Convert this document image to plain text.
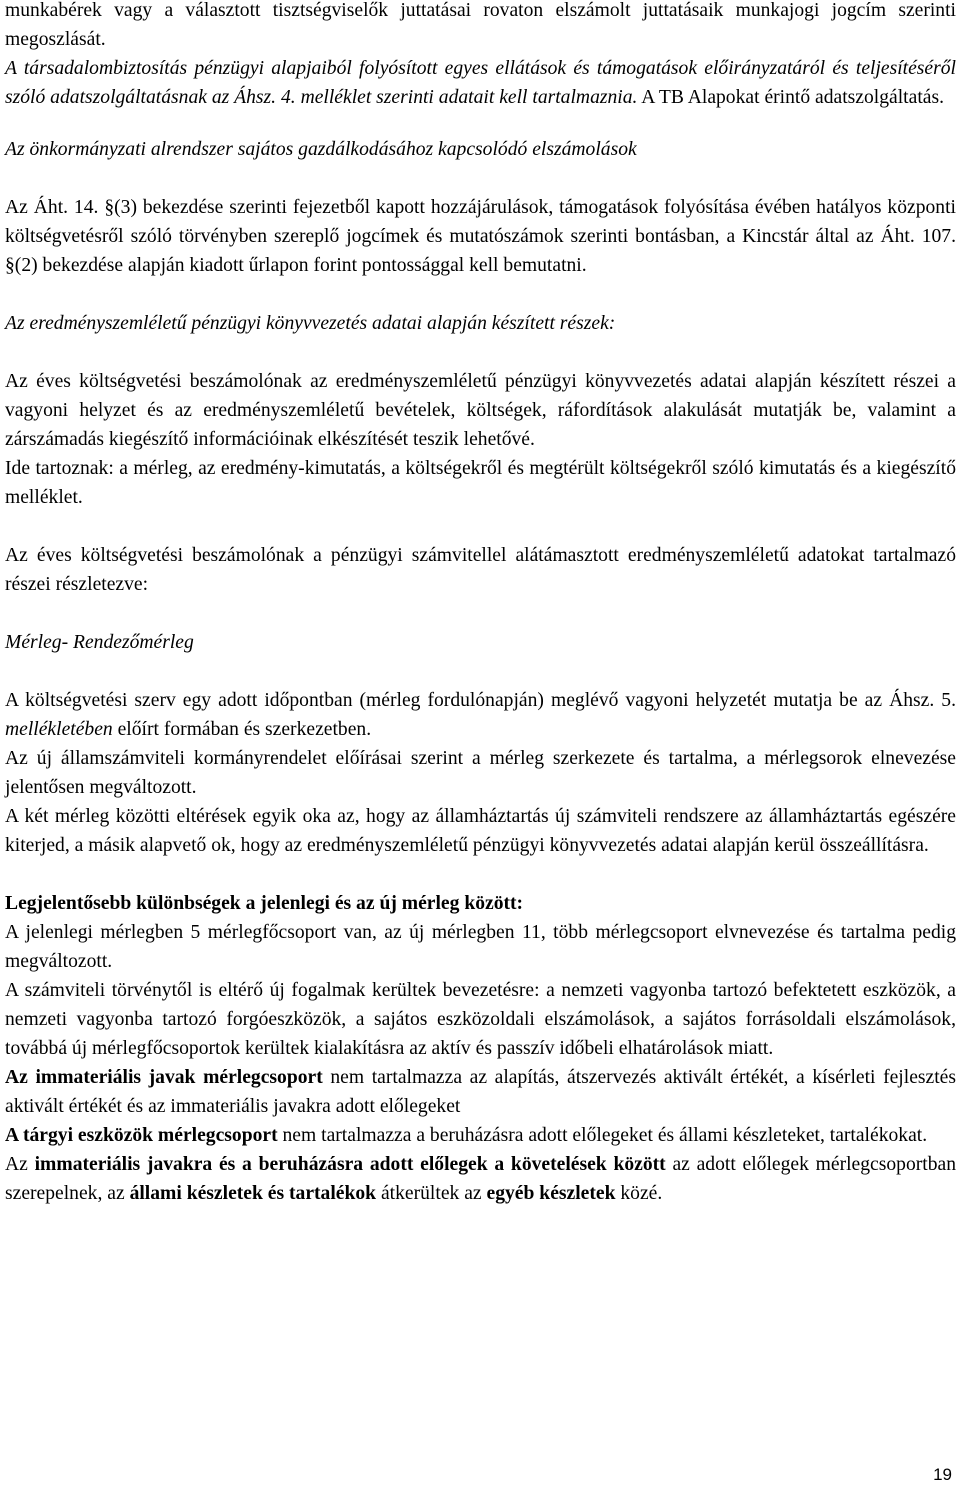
munkabérek vagy a választott tisztségviselők juttatásai rovaton elszámolt juttatásaik munkajogi jogcím szerinti megoszlását.

A társadalombiztosítás pénzügyi alapjaiból folyósított egyes ellátások és támogatások előirányzatáról és teljesítéséről szóló adatszolgáltatásnak az Áhsz. 4. melléklet szerinti adatait kell tartalmaznia. A TB Alapokat érintő adatszolgáltatás.

Az önkormányzati alrendszer sajátos gazdálkodásához kapcsolódó elszámolások

Az Áht. 14. §(3) bekezdése szerinti fejezetből kapott hozzájárulások, támogatások folyósítása évében hatályos központi költségvetésről szóló törvényben szereplő jogcímek és mutatószámok szerinti bontásban, a Kincstár által az Áht. 107. §(2) bekezdése alapján kiadott űrlapon forint pontossággal kell bemutatni.

Az eredményszemléletű pénzügyi könyvvezetés adatai alapján készített részek:

Az éves költségvetési beszámolónak az eredményszemléletű pénzügyi könyvvezetés adatai alapján készített részei a vagyoni helyzet és az eredményszemléletű bevételek, költségek, ráfordítások alakulását mutatják be, valamint a zárszámadás kiegészítő információinak elkészítését teszik lehetővé.

Ide tartoznak: a mérleg, az eredmény-kimutatás, a költségekről és megtérült költségekről szóló kimutatás és a kiegészítő melléklet.

Az éves költségvetési beszámolónak a pénzügyi számvitellel alátámasztott eredményszemléletű adatokat tartalmazó részei részletezve:

Mérleg- Rendezőmérleg

A költségvetési szerv egy adott időpontban (mérleg fordulónapján) meglévő vagyoni helyzetét mutatja be az Áhsz. 5. mellékletében előírt formában és szerkezetben.

Az új államszámviteli kormányrendelet előírásai szerint a mérleg szerkezete és tartalma, a mérlegsorok elnevezése jelentősen megváltozott.

A két mérleg közötti eltérések egyik oka az, hogy az államháztartás új számviteli rendszere az államháztartás egészére kiterjed, a másik alapvető ok, hogy az eredményszemléletű pénzügyi könyvvezetés adatai alapján kerül összeállításra.

Legjelentősebb különbségek a jelenlegi és az új mérleg között:

A jelenlegi mérlegben 5 mérlegfőcsoport van, az új mérlegben 11, több mérlegcsoport elvnevezése és tartalma pedig megváltozott.

A számviteli törvénytől is eltérő új fogalmak kerültek bevezetésre: a nemzeti vagyonba tartozó befektetett eszközök, a nemzeti vagyonba tartozó forgóeszközök, a sajátos eszközoldali elszámolások, a sajátos forrásoldali elszámolások, továbbá új mérlegfőcsoportok kerültek kialakításra az aktív és passzív időbeli elhatárolások miatt.

Az immateriális javak mérlegcsoport nem tartalmazza az alapítás, átszervezés aktivált értékét, a kísérleti fejlesztés aktivált értékét és az immateriális javakra adott előlegeket

A tárgyi eszközök mérlegcsoport nem tartalmazza a beruházásra adott előlegeket és állami készleteket, tartalékokat.

Az immateriális javakra és a beruházásra adott előlegek a követelések között az adott előlegek mérlegcsoportban szerepelnek, az állami készletek és tartalékok átkerültek az egyéb készletek közé.

19
